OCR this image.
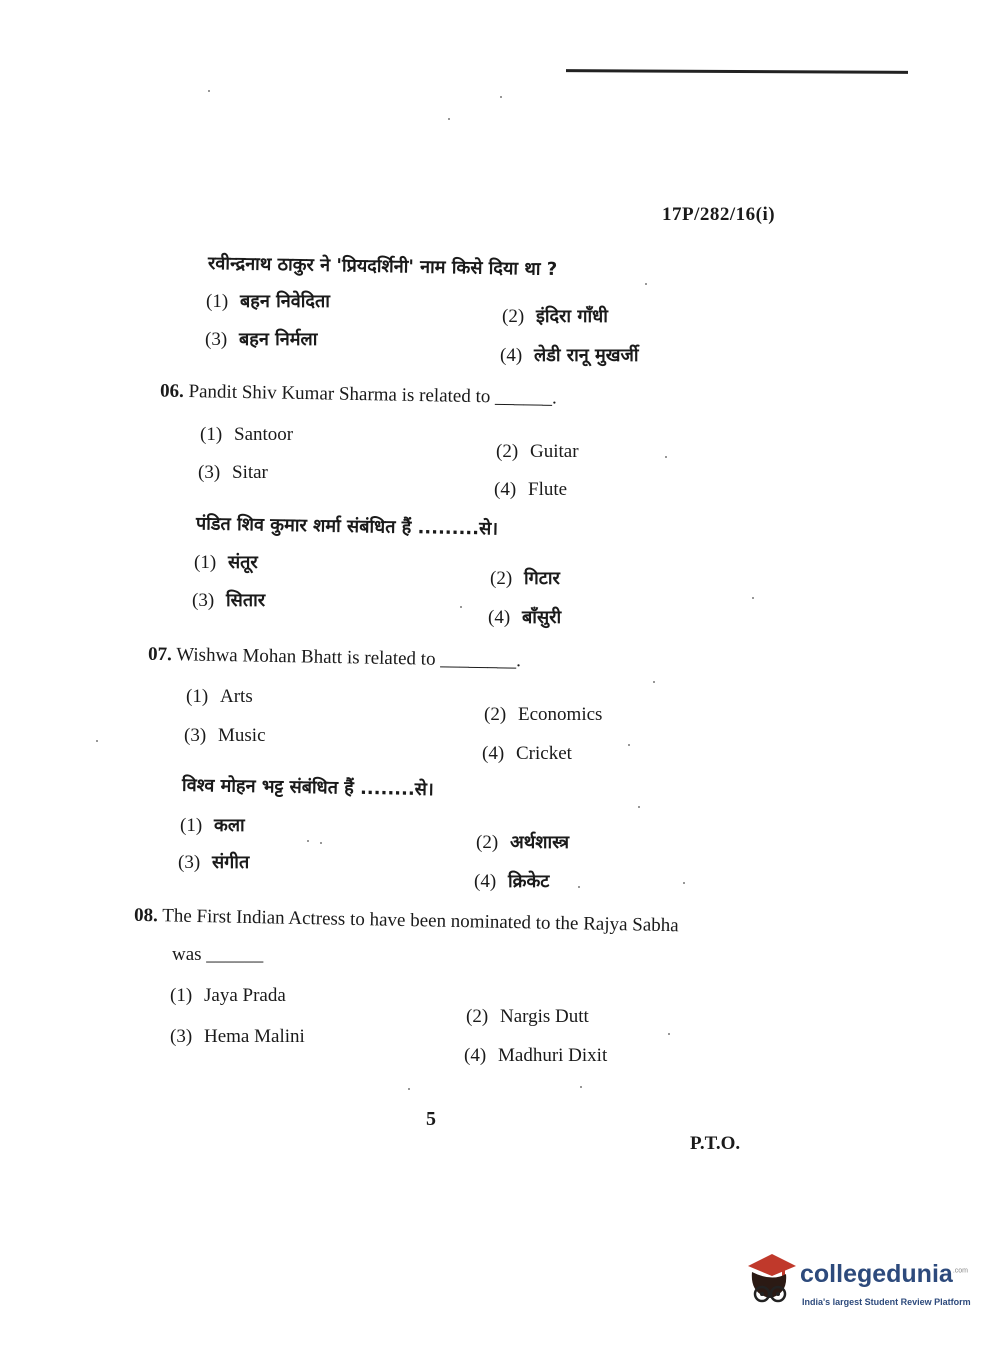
17P/282/16(i)
रवीन्द्रनाथ ठाकुर ने 'प्रियदर्शिनी' नाम किसे दिया था ?
(1) बहन निवेदिता
(2) इंदिरा गाँधी
(3) बहन निर्मला
(4) लेडी रानू मुखर्जी
06. Pandit Shiv Kumar Sharma is related to ______.
(1) Santoor
(2) Guitar
(3) Sitar
(4) Flute
पंडित शिव कुमार शर्मा संबंधित हैं .........से।
(1) संतूर
(2) गिटार
(3) सितार
(4) बाँसुरी
07. Wishwa Mohan Bhatt is related to ________.
(1) Arts
(2) Economics
(3) Music
(4) Cricket
विश्व मोहन भट्ट संबंधित हैं ........से।
(1) कला
(2) अर्थशास्त्र
(3) संगीत
(4) क्रिकेट
08. The First Indian Actress to have been nominated to the Rajya Sabha
was ______
(1) Jaya Prada
(2) Nargis Dutt
(3) Hema Malini
(4) Madhuri Dixit
5
P.T.O.
collegedunia$^{.com}$
India's largest Student Review Platform
